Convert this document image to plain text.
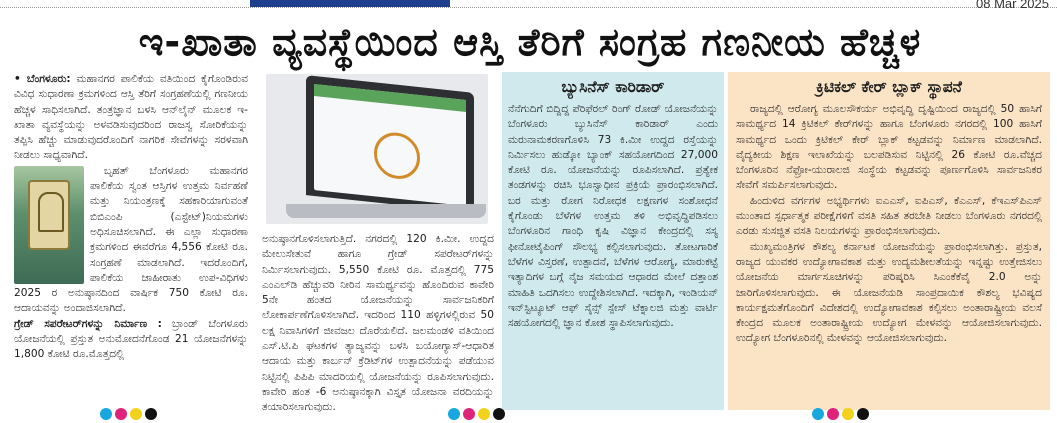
08 Mar 2025
ಇ-ಖಾತಾ ವ್ಯವಸ್ಥೆಯಿಂದ ಆಸ್ತಿ ತೆರಿಗೆ ಸಂಗ್ರಹ ಗಣನೀಯ ಹೆಚ್ಚಳ

• ಬೆಂಗಳೂರು: ಮಹಾನಗರ ಪಾಲಿಕೆಯ ವತಿಯಿಂದ ಕೈಗೊಂಡಿರುವ ವಿವಿಧ ಸುಧಾರಣಾ ಕ್ರಮಗಳಿಂದ ಆಸ್ತಿ ತೆರಿಗೆ ಸಂಗ್ರಹಣೆಯಲ್ಲಿ ಗಣನೀಯ ಹೆಚ್ಚಳ ಸಾಧಿಸಲಾಗಿದೆ. ತಂತ್ರಜ್ಞಾನ ಬಳಸಿ ಆನ್‌ಲೈನ್ ಮೂಲಕ ಇ-ಖಾತಾ ವ್ಯವಸ್ಥೆಯನ್ನು ಅಳವಡಿಸುವುದರಿಂದ ರಾಜಸ್ವ ಸೋರಿಕೆಯನ್ನು ತಪ್ಪಿಸಿ ಹೆಚ್ಚು ಮಾಡುವುದರೊಂದಿಗೆ ನಾಗರಿಕ ಸೇವೆಗಳನ್ನು ಸರಳವಾಗಿ ನೀಡಲು ಸಾಧ್ಯವಾಗಿದೆ.

ಬೃಹತ್ ಬೆಂಗಳೂರು ಮಹಾನಗರ ಪಾಲಿಕೆಯ ಸ್ವಂತ ಆಸ್ತಿಗಳ ಉತ್ತಮ ನಿರ್ವಹಣೆ ಮತ್ತು ನಿಯಂತ್ರಣಕ್ಕೆ ಸಹಕಾರಿಯಾಗುವಂತೆ ಬಿಬಿಎಂಪಿ (ಎಸ್ಟೇಟ್)ನಿಯಮಗಳು ಅಧಿಸೂಚಿಸಲಾಗಿದೆ. ಈ ಎಲ್ಲಾ ಸುಧಾರಣಾ ಕ್ರಮಗಳಿಂದ ಈವರೆಗೂ 4,556 ಕೋಟಿ ರೂ. ಸಂಗ್ರಹಣೆ ಮಾಡಲಾಗಿದೆ. ಇದರೊಂದಿಗೆ, ಪಾಲಿಕೆಯ ಜಾಹೀರಾತು ಉಪ-ವಿಧಿಗಳು 2025 ರ ಅನುಷ್ಠಾನದಿಂದ ವಾರ್ಷಿಕ 750 ಕೋಟಿ ರೂ. ಆದಾಯವನ್ನು ಅಂದಾಜಿಸಲಾಗಿದೆ.

ಗ್ರೇಡ್ ಸಪರೇಟರ್‌ಗಳನ್ನು ನಿರ್ಮಾಣ : ಬ್ರಾಂಡ್ ಬೆಂಗಳೂರು ಯೋಜನೆಯಲ್ಲಿ ಪ್ರಸ್ತುತ ಅನುಮೋದನೆಗೊಂಡ 21 ಯೋಜನೆಗಳನ್ನು 1,800 ಕೋಟಿ ರೂ.ಮೊತ್ತದಲ್ಲಿ

ಅನುಷ್ಠಾನಗೊಳಿಸಲಾಗುತ್ತಿದೆ. ನಗರದಲ್ಲಿ 120 ಕಿ.ಮೀ. ಉದ್ದದ ಮೇಲುಸೇತುವೆ ಹಾಗೂ ಗ್ರೇಡ್ ಸಪರೇಟರ್‌ಗಳನ್ನು ನಿರ್ಮಿಸಲಾಗುವುದು. 5,550 ಕೋಟಿ ರೂ. ಮೊತ್ತದಲ್ಲಿ 775 ಎಂಎಲ್‌ಡಿ ಹೆಚ್ಚುವರಿ ನೀರಿನ ಸಾಮರ್ಥ್ಯವನ್ನು ಹೊಂದಿರುವ ಕಾವೇರಿ 5ನೇ ಹಂತದ ಯೋಜನೆಯನ್ನು ಸಾರ್ವಜನಿಕರಿಗೆ ಲೋಕಾರ್ಪಣೆಗೊಳಿಸಲಾಗಿದೆ. ಇದರಿಂದ 110 ಹಳ್ಳಿಗಳಲ್ಲಿರುವ 50 ಲಕ್ಷ ನಿವಾಸಿಗಳಿಗೆ ಜೀವಜಲ ದೊರೆಯಲಿದೆ. ಜಲಮಂಡಳಿ ವತಿಯಿಂದ ಎಸ್.ಟಿ.ಪಿ ಘಟಕಗಳ ತ್ಯಾಜ್ಯವನ್ನು ಬಳಸಿ ಬಯೋಗ್ಯಾಸ್-ಆಧಾರಿತ ಆದಾಯ ಮತ್ತು ಕಾರ್ಬನ್ ಕ್ರೆಡಿಟ್‌ಗಳ ಉತ್ಪಾದನೆಯನ್ನು ಪಡೆಯುವ ನಿಟ್ಟಿನಲ್ಲಿ ಪಿಪಿಪಿ ಮಾದರಿಯಲ್ಲಿ ಯೋಜನೆಯನ್ನು ರೂಪಿಸಲಾಗುವುದು. ಕಾವೇರಿ ಹಂತ -6 ಅನುಷ್ಠಾನಕ್ಕಾಗಿ ವಿಸ್ತೃತ ಯೋಜನಾ ವರದಿಯನ್ನು ತಯಾರಿಸಲಾಗುವುದು.

ಬ್ಯುಸಿನೆಸ್ ಕಾರಿಡಾರ್

ನೆನೆಗುದಿಗೆ ಬಿದ್ದಿದ್ದ ಪೆರಿಫೆರಲ್ ರಿಂಗ್ ರೋಡ್ ಯೋಜನೆಯನ್ನು ಬೆಂಗಳೂರು ಬ್ಯುಸಿನೆಸ್ ಕಾರಿಡಾರ್ ಎಂದು ಮರುನಾಮಕರಣಗೊಳಿಸಿ 73 ಕಿ.ಮೀ ಉದ್ದದ ರಸ್ತೆಯನ್ನು ನಿರ್ಮಿಸಲು ಹುಡ್ಕೋ ಬ್ಯಾಂಕ್ ಸಹಯೋಗದಿಂದ 27,000 ಕೋಟಿ ರೂ. ಯೋಜನೆಯನ್ನು ರೂಪಿಸಲಾಗಿದೆ. ಪ್ರತ್ಯೇಕ ತಂಡಗಳನ್ನು ರಚಿಸಿ ಭೂಸ್ವಾಧೀನ ಪ್ರಕ್ರಿಯೆ ಪ್ರಾರಂಭಿಸಲಾಗಿದೆ. ಬರ ಮತ್ತು ರೋಗ ನಿರೋಧಕ ಲಕ್ಷಣಗಳ ಸಂಶೋಧನೆ ಕೈಗೊಂಡು ಬೆಳೆಗಳ ಉತ್ತಮ ತಳಿ ಅಭಿವೃದ್ಧಿಪಡಿಸಲು ಬೆಂಗಳೂರಿನ ಗಾಂಧಿ ಕೃಷಿ ವಿಜ್ಞಾನ ಕೇಂದ್ರದಲ್ಲಿ ಸಸ್ಯ ಫೀನೋಟೈಪಿಂಗ್ ಸೌಲಭ್ಯ ಕಲ್ಪಿಸಲಾಗುವುದು. ತೋಟಗಾರಿಕೆ ಬೆಳೆಗಳ ವಿಸ್ತರಣೆ, ಉತ್ಪಾದನೆ, ಬೆಳೆಗಳ ಆರೋಗ್ಯ, ಮಾರುಕಟ್ಟೆ ಇತ್ಯಾದಿಗಳ ಬಗ್ಗೆ ನೈಜ ಸಮಯದ ಆಧಾರದ ಮೇಲೆ ದತ್ತಾಂಶ ಮಾಹಿತಿ ಒದಗಿಸಲು ಉದ್ದೇಶಿಸಲಾಗಿದೆ. ಇದಕ್ಕಾಗಿ, ಇಂಡಿಯನ್ ಇನ್‌ಸ್ಟಿಟ್ಯೂಟ್ ಆಫ್ ಸೈನ್ಸ್ ಸ್ಪೇಸ್ ಟೆಕ್ನಾಲಜಿ ಮತ್ತು ವಾರ್ಟಿ ಸಹಯೋಗದಲ್ಲಿ ಜ್ಞಾನ ಕೋಶ ಸ್ಥಾಪಿಸಲಾಗುವುದು.

ಕ್ರಿಟಿಕಲ್ ಕೇರ್ ಬ್ಲಾಕ್ ಸ್ಥಾಪನೆ

ರಾಜ್ಯದಲ್ಲಿ ಆರೋಗ್ಯ ಮೂಲಸೌಕರ್ಯ ಅಭಿವೃದ್ಧಿ ದೃಷ್ಟಿಯಿಂದ ರಾಜ್ಯದಲ್ಲಿ 50 ಹಾಸಿಗೆ ಸಾಮರ್ಥ್ಯದ 14 ಕ್ರಿಟಿಕಲ್ ಕೇರ್‌ಗಳನ್ನು ಹಾಗೂ ಬೆಂಗಳೂರು ನಗರದಲ್ಲಿ 100 ಹಾಸಿಗೆ ಸಾಮರ್ಥ್ಯದ ಒಂದು ಕ್ರಿಟಿಕಲ್ ಕೇರ್ ಬ್ಲಾಕ್ ಕಟ್ಟಡವನ್ನು ನಿರ್ಮಾಣ ಮಾಡಲಾಗಿದೆ. ವೈದ್ಯಕೀಯ ಶಿಕ್ಷಣ ಇಲಾಖೆಯನ್ನು ಬಲಪಡಿಸುವ ನಿಟ್ಟಿನಲ್ಲಿ 26 ಕೋಟಿ ರೂ.ವೆಚ್ಚದ ಬೆಂಗಳೂರಿನ ನೆಫ್ರೋ-ಯುರಾಲಜಿ ಸಂಸ್ಥೆಯ ಕಟ್ಟಡವನ್ನು ಪೂರ್ಣಗೊಳಿಸಿ ಸಾರ್ವಜನಿಕರ ಸೇವೆಗೆ ಸಮರ್ಪಿಸಲಾಗುವುದು.

ಹಿಂದುಳಿದ ವರ್ಗಗಳ ಅಭ್ಯರ್ಥಿಗಳು ಐಎಎಸ್, ಐಪಿಎಸ್, ಕೆಎಎಸ್, ಕೆಇಎಸ್‌ಪಿಎಸ್ ಮುಂತಾದ ಸ್ಪರ್ಧಾತ್ಮಕ ಪರೀಕ್ಷೆಗಳಿಗೆ ವಸತಿ ಸಹಿತ ತರಬೇತಿ ನೀಡಲು ಬೆಂಗಳೂರು ನಗರದಲ್ಲಿ ಎರಡು ಸುಸಜ್ಜಿತ ವಸತಿ ನಿಲಯಗಳನ್ನು ಪ್ರಾರಂಭಿಸಲಾಗುವುದು.

ಮುಖ್ಯಮಂತ್ರಿಗಳ ಕೌಶಲ್ಯ ಕರ್ನಾಟಕ ಯೋಜನೆಯನ್ನು ಪ್ರಾರಂಭಿಸಲಾಗಿತ್ತು. ಪ್ರಸ್ತುತ, ರಾಜ್ಯದ ಯುವಕರ ಉದ್ಯೋಗಾವಕಾಶ ಮತ್ತು ಉದ್ಯಮಶೀಲತೆಯನ್ನು ಇನ್ನಷ್ಟು ಉತ್ತೇಜಿಸಲು ಯೋಜನೆಯ ಮಾರ್ಗಸೂಚಿಗಳನ್ನು ಪರಿಷ್ಕರಿಸಿ ಸಿಎಂಕೆಕೆವೈ 2.0 ಅನ್ನು ಜಾರಿಗೊಳಿಸಲಾಗುವುದು. ಈ ಯೋಜನೆಯಡಿ ಸಾಂಪ್ರದಾಯಿಕ ಕೌಶಲ್ಯ ಭವಿಷ್ಯದ ಕಾರ್ಯಕ್ಷಮತೆಗೊಂದಿಗೆ ವಿದೇಶದಲ್ಲಿ ಉದ್ಯೋಗಾವಕಾಶ ಕಲ್ಪಿಸಲು ಅಂತಾರಾಷ್ಟ್ರೀಯ ವಲಸೆ ಕೇಂದ್ರದ ಮೂಲಕ ಅಂತಾರಾಷ್ಟ್ರೀಯ ಉದ್ಯೋಗ ಮೇಳವನ್ನು ಆಯೋಜಿಸಲಾಗುವುದು. ಉದ್ಯೋಗ ಬೆಂಗಳೂರಿನಲ್ಲಿ ಮೇಳವನ್ನು ಆಯೋಜಿಸಲಾಗುವುದು.
